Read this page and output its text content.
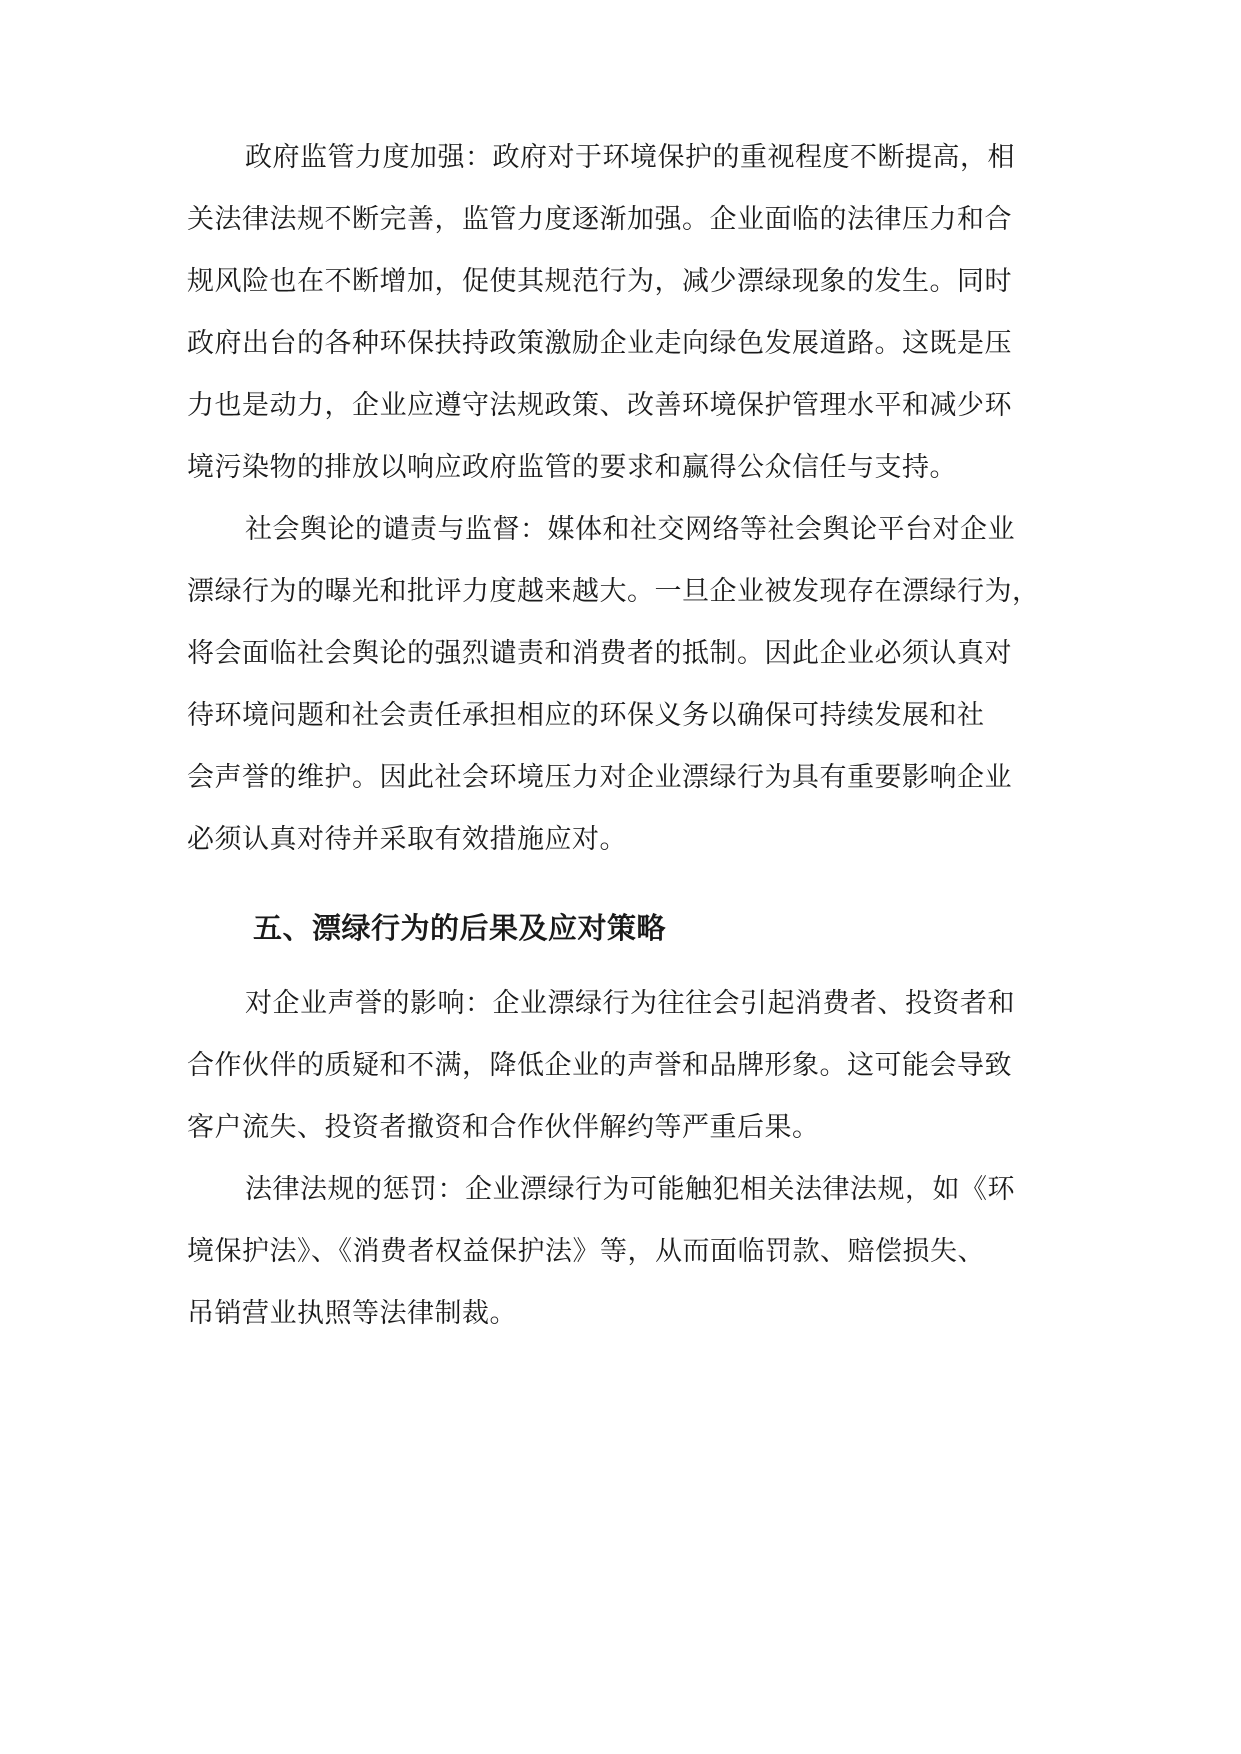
政府监管力度加强：政府对于环境保护的重视程度不断提高，相
关法律法规不断完善，监管力度逐渐加强。企业面临的法律压力和合
规风险也在不断增加，促使其规范行为，减少漂绿现象的发生。同时
政府出台的各种环保扶持政策激励企业走向绿色发展道路。这既是压
力也是动力，企业应遵守法规政策、改善环境保护管理水平和减少环
境污染物的排放以响应政府监管的要求和赢得公众信任与支持。
社会舆论的谴责与监督：媒体和社交网络等社会舆论平台对企业
漂绿行为的曝光和批评力度越来越大。一旦企业被发现存在漂绿行为，
将会面临社会舆论的强烈谴责和消费者的抵制。因此企业必须认真对
待环境问题和社会责任承担相应的环保义务以确保可持续发展和社
会声誉的维护。因此社会环境压力对企业漂绿行为具有重要影响企业
必须认真对待并采取有效措施应对。
五、漂绿行为的后果及应对策略
对企业声誉的影响：企业漂绿行为往往会引起消费者、投资者和
合作伙伴的质疑和不满，降低企业的声誉和品牌形象。这可能会导致
客户流失、投资者撤资和合作伙伴解约等严重后果。
法律法规的惩罚：企业漂绿行为可能触犯相关法律法规，如《环
境保护法》、《消费者权益保护法》等，从而面临罚款、赔偿损失、
吊销营业执照等法律制裁。
